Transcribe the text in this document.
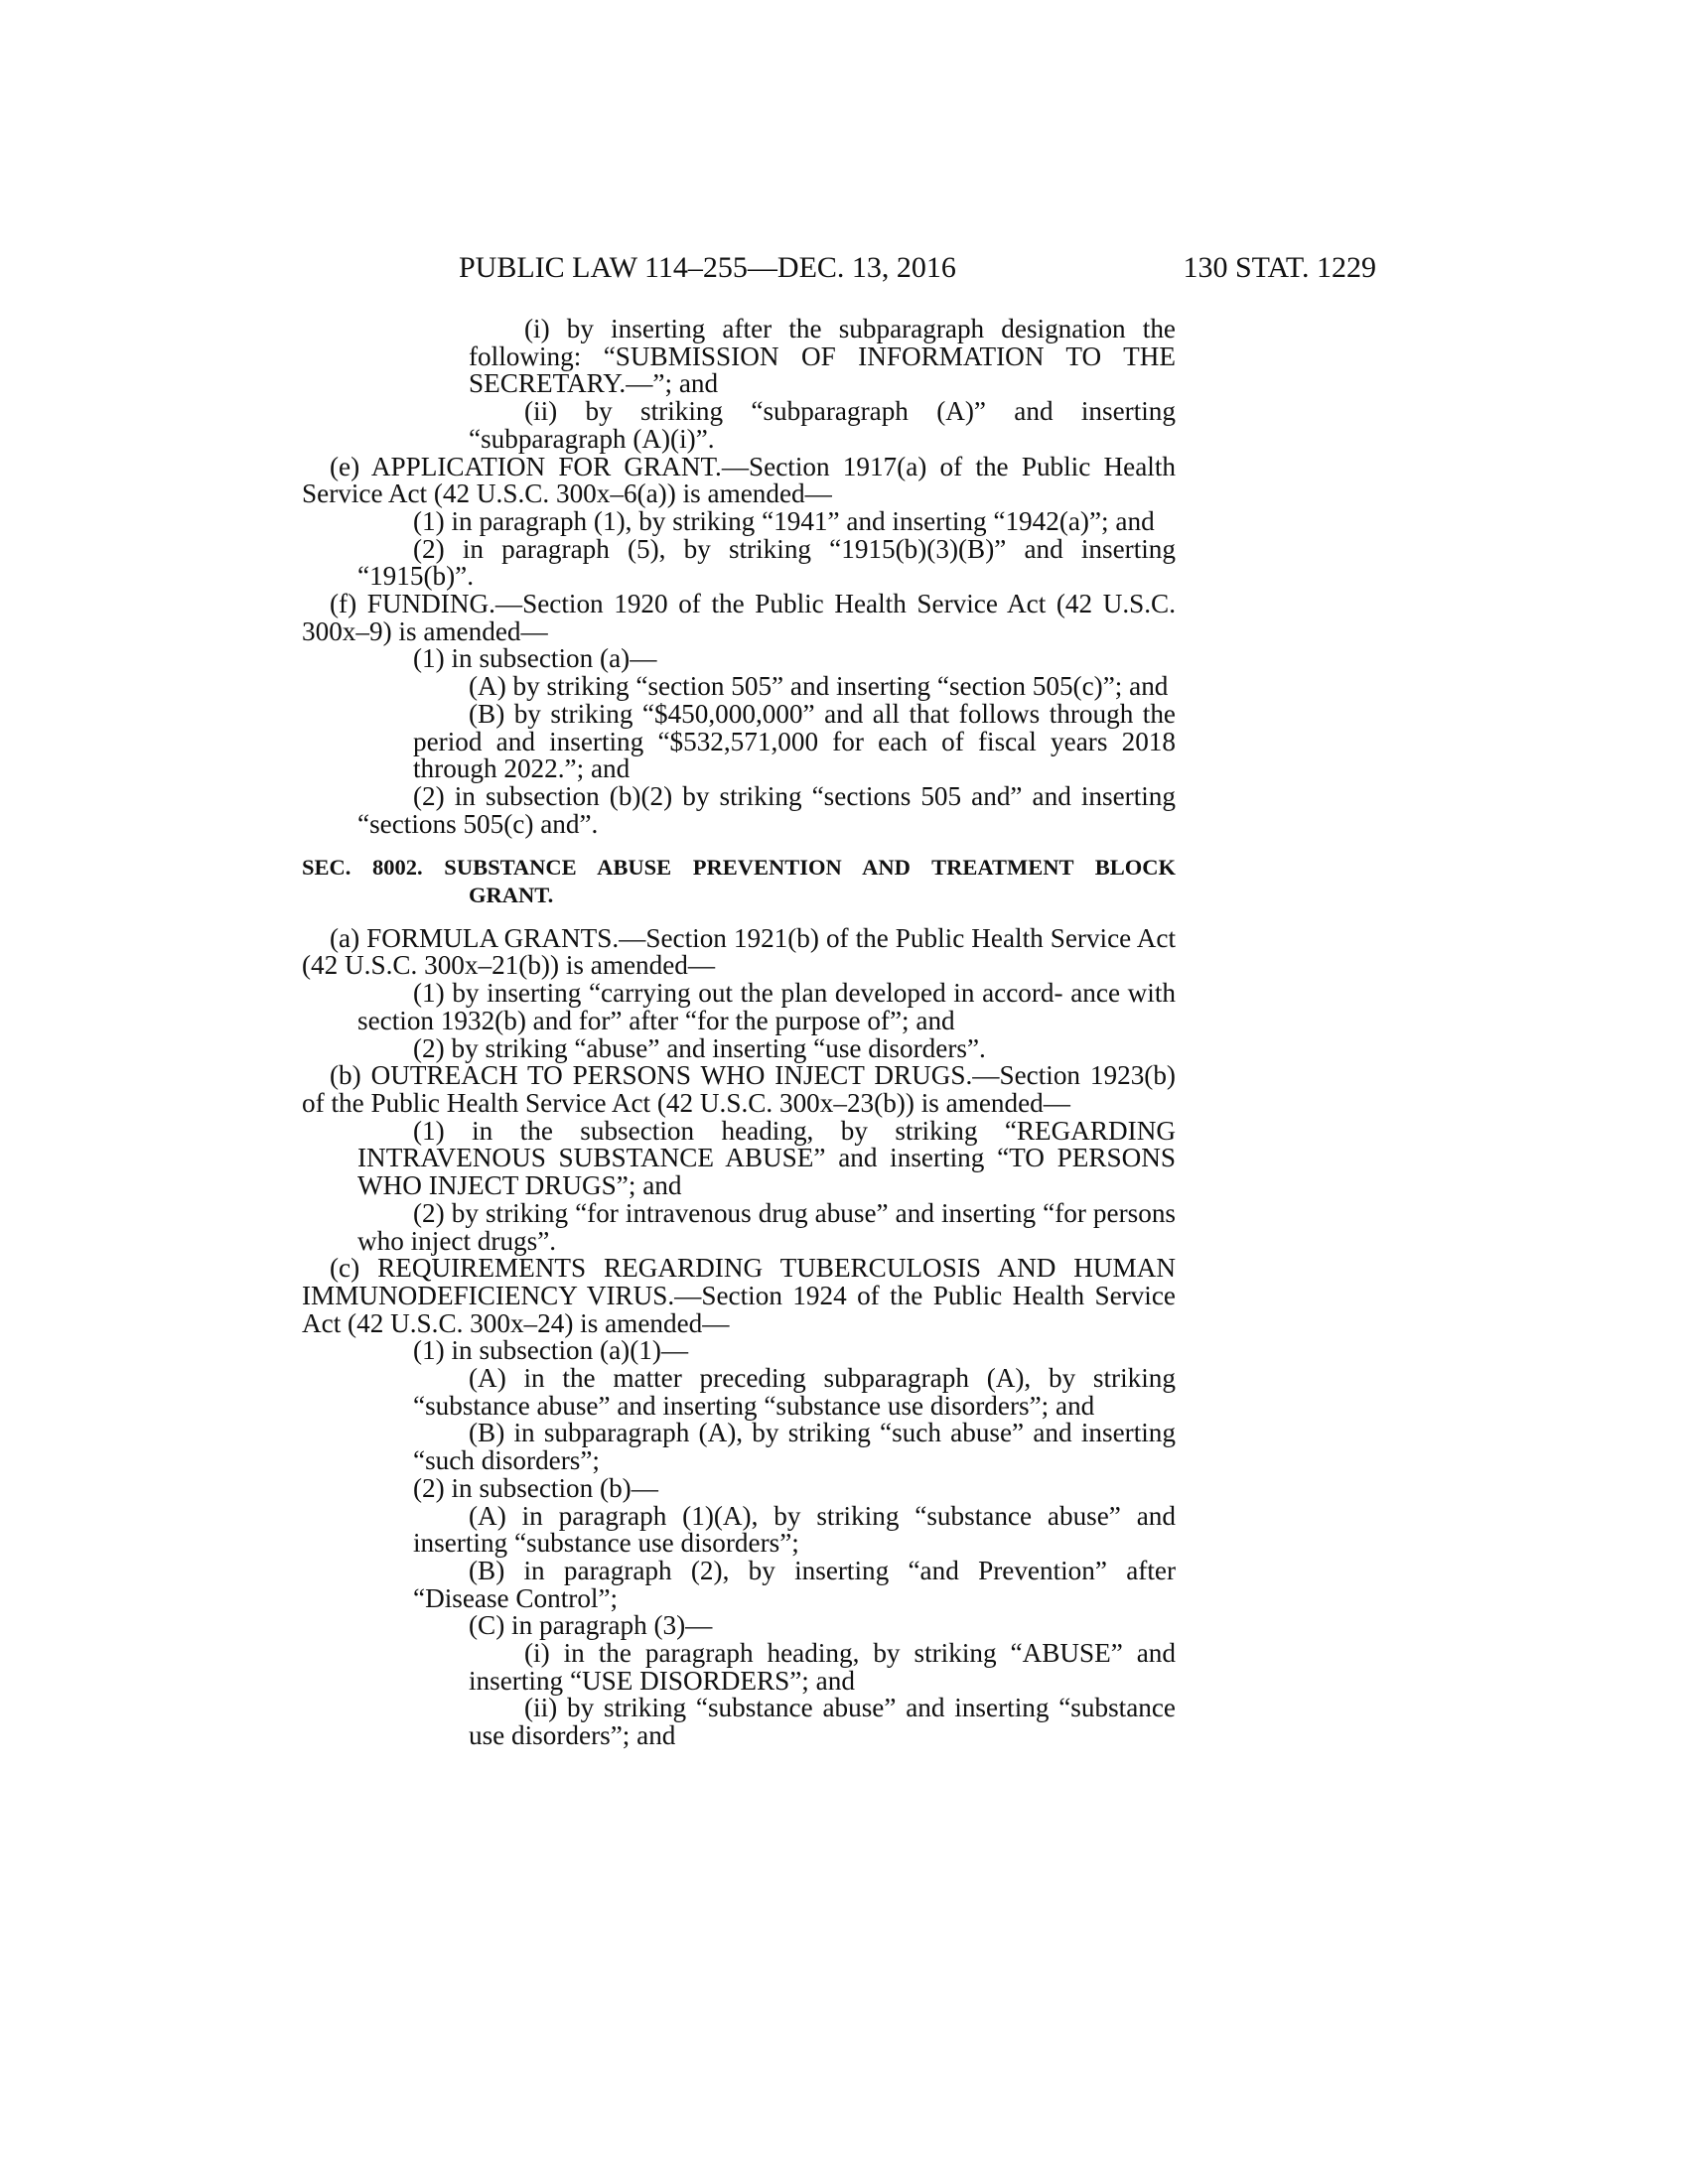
PUBLIC LAW 114–255—DEC. 13, 2016	130 STAT. 1229

(i) by inserting after the subparagraph designation the following: “SUBMISSION OF INFORMATION TO THE SECRETARY.—”; and

(ii) by striking “subparagraph (A)” and inserting “subparagraph (A)(i)”.

(e) APPLICATION FOR GRANT.—Section 1917(a) of the Public Health Service Act (42 U.S.C. 300x–6(a)) is amended—

(1) in paragraph (1), by striking “1941” and inserting “1942(a)”; and

(2) in paragraph (5), by striking “1915(b)(3)(B)” and inserting “1915(b)”.

(f) FUNDING.—Section 1920 of the Public Health Service Act (42 U.S.C. 300x–9) is amended—

(1) in subsection (a)—

(A) by striking “section 505” and inserting “section 505(c)”; and

(B) by striking “$450,000,000” and all that follows through the period and inserting “$532,571,000 for each of fiscal years 2018 through 2022.”; and

(2) in subsection (b)(2) by striking “sections 505 and” and inserting “sections 505(c) and”.

SEC. 8002. SUBSTANCE ABUSE PREVENTION AND TREATMENT BLOCK
GRANT.

(a) FORMULA GRANTS.—Section 1921(b) of the Public Health Service Act (42 U.S.C. 300x–21(b)) is amended—

(1) by inserting “carrying out the plan developed in accord- ance with section 1932(b) and for” after “for the purpose of”; and

(2) by striking “abuse” and inserting “use disorders”.

(b) OUTREACH TO PERSONS WHO INJECT DRUGS.—Section 1923(b) of the Public Health Service Act (42 U.S.C. 300x–23(b)) is amended—

(1) in the subsection heading, by striking “REGARDING INTRAVENOUS SUBSTANCE ABUSE” and inserting “TO PERSONS WHO INJECT DRUGS”; and

(2) by striking “for intravenous drug abuse” and inserting “for persons who inject drugs”.

(c) REQUIREMENTS REGARDING TUBERCULOSIS AND HUMAN IMMUNODEFICIENCY VIRUS.—Section 1924 of the Public Health Service Act (42 U.S.C. 300x–24) is amended—

(1) in subsection (a)(1)—

(A) in the matter preceding subparagraph (A), by striking “substance abuse” and inserting “substance use disorders”; and

(B) in subparagraph (A), by striking “such abuse” and inserting “such disorders”;

(2) in subsection (b)—

(A) in paragraph (1)(A), by striking “substance abuse” and inserting “substance use disorders”;

(B) in paragraph (2), by inserting “and Prevention” after “Disease Control”;

(C) in paragraph (3)—

(i) in the paragraph heading, by striking “ABUSE” and inserting “USE DISORDERS”; and

(ii) by striking “substance abuse” and inserting “substance use disorders”; and
